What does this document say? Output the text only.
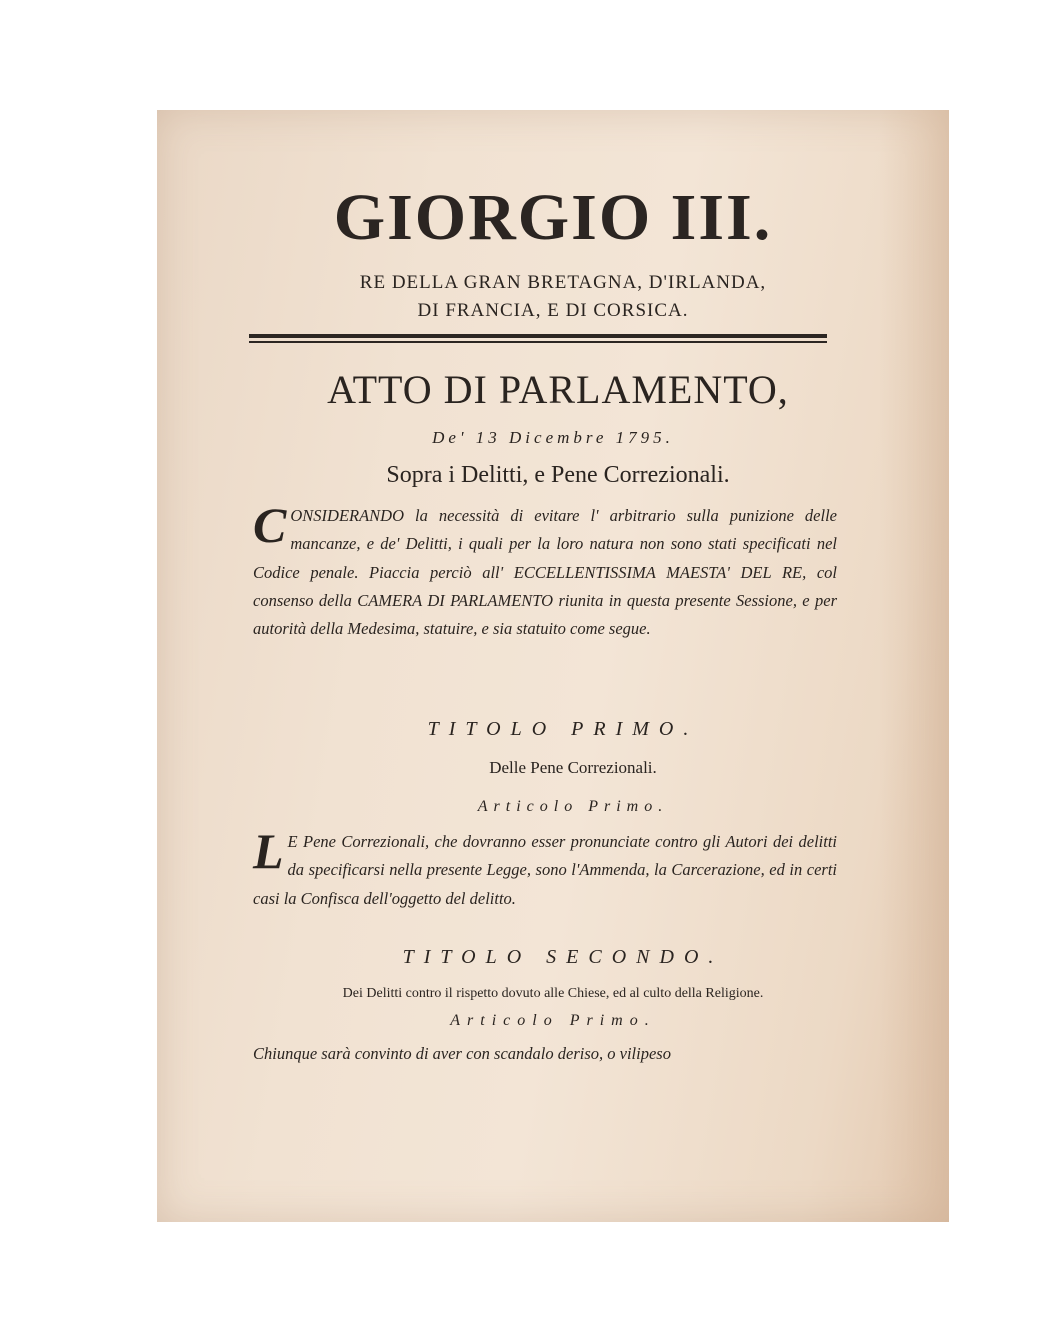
GIORGIO III.
RE DELLA GRAN BRETAGNA, D'IRLANDA,
DI FRANCIA, E DI CORSICA.
ATTO DI PARLAMENTO,
De' 13 Dicembre 1795.
Sopra i Delitti, e Pene Correzionali.
C ONSIDERANDO la necessità di evitare l' arbitrario sulla punizione delle mancanze, e de' Delitti, i quali per la loro natura non sono stati specificati nel Codice penale. Piaccia perciò all' ECCELLENTISSIMA MAESTA' DEL RE, col consenso della CAMERA DI PARLAMENTO riunita in questa presente Sessione, e per autorità della Medesima, statuire, e sia statuito come segue.
TITOLO PRIMO.
Delle Pene Correzionali.
Articolo Primo.
L E Pene Correzionali, che dovranno esser pronunciate contro gli Autori dei delitti da specificarsi nella presente Legge, sono l'Ammenda, la Carcerazione, ed in certi casi la Confisca dell'oggetto del delitto.
TITOLO SECONDO.
Dei Delitti contro il rispetto dovuto alle Chiese, ed al culto della Religione.
Articolo Primo.
Chiunque sarà convinto di aver con scandalo deriso, o vilipeso
